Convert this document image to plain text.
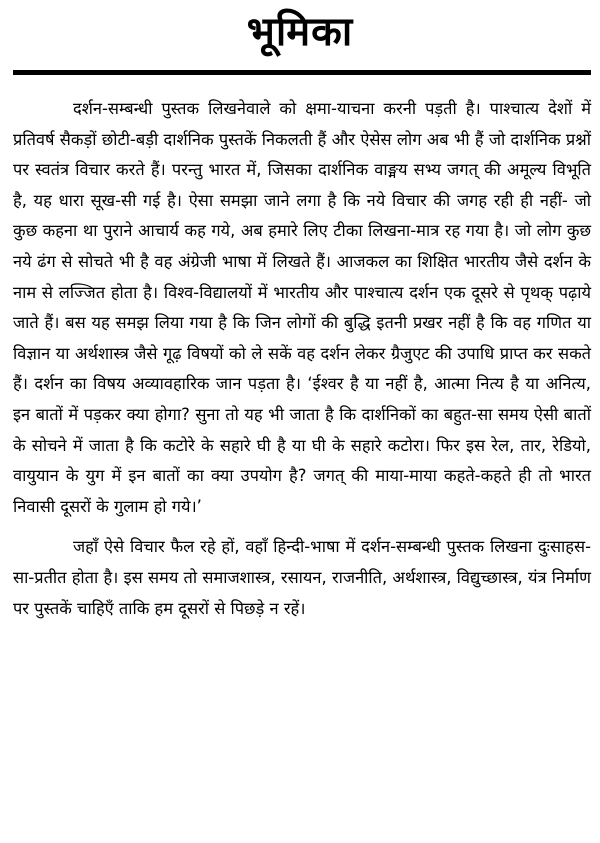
भूमिका

दर्शन-सम्बन्धी पुस्तक लिखनेवाले को क्षमा-याचना करनी पड़ती है। पाश्चात्य देशों में प्रतिवर्ष सैकड़ों छोटी-बड़ी दार्शनिक पुस्तकें निकलती हैं और ऐसेस लोग अब भी हैं जो दार्शनिक प्रश्नों पर स्वतंत्र विचार करते हैं। परन्तु भारत में, जिसका दार्शनिक वाङ्मय सभ्य जगत् की अमूल्य विभूति है, यह धारा सूख-सी गई है। ऐसा समझा जाने लगा है कि नये विचार की जगह रही ही नहीं- जो कुछ कहना था पुराने आचार्य कह गये, अब हमारे लिए टीका लिखना-मात्र रह गया है। जो लोग कुछ नये ढंग से सोचते भी है वह अंग्रेजी भाषा में लिखते हैं। आजकल का शिक्षित भारतीय जैसे दर्शन के नाम से लज्जित होता है। विश्व-विद्यालयों में भारतीय और पाश्चात्य दर्शन एक दूसरे से पृथक् पढ़ाये जाते हैं। बस यह समझ लिया गया है कि जिन लोगों की बुद्धि इतनी प्रखर नहीं है कि वह गणित या विज्ञान या अर्थशास्त्र जैसे गूढ़ विषयों को ले सकें वह दर्शन लेकर ग्रैजुएट की उपाधि प्राप्त कर सकते हैं। दर्शन का विषय अव्यावहारिक जान पड़ता है। ‘ईश्वर है या नहीं है, आत्मा नित्य है या अनित्य, इन बातों में पड़कर क्या होगा? सुना तो यह भी जाता है कि दार्शनिकों का बहुत-सा समय ऐसी बातों के सोचने में जाता है कि कटोरे के सहारे घी है या घी के सहारे कटोरा। फिर इस रेल, तार, रेडियो, वायुयान के युग में इन बातों का क्या उपयोग है? जगत् की माया-माया कहते-कहते ही तो भारत निवासी दूसरों के गुलाम हो गये।’

जहाँ ऐसे विचार फैल रहे हों, वहाँ हिन्दी-भाषा में दर्शन-सम्बन्धी पुस्तक लिखना दुःसाहस-सा-प्रतीत होता है। इस समय तो समाजशास्त्र, रसायन, राजनीति, अर्थशास्त्र, विद्युच्छास्त्र, यंत्र निर्माण पर पुस्तकें चाहिएँ ताकि हम दूसरों से पिछड़े न रहें।
